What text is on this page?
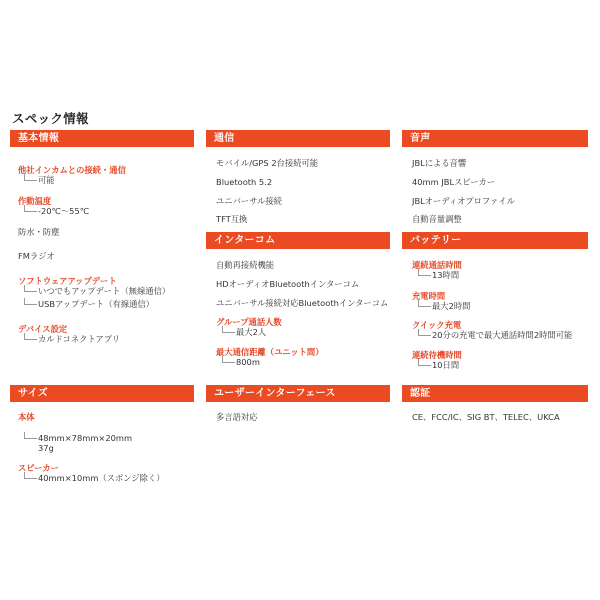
スペック情報
基本情報
他社インカムとの接続・通信
可能
作動温度
-20℃〜55℃
防水・防塵
FMラジオ
ソフトウェアアップデート
いつでもアップデート（無線通信）
USBアップデート（有線通信）
デバイス設定
カルドコネクトアプリ
通信
モバイル/GPS 2台接続可能
Bluetooth 5.2
ユニバーサル接続
TFT互換
音声
JBLによる音響
40mm JBLスピーカー
JBLオーディオプロファイル
自動音量調整
インターコム
自動再接続機能
HDオーディオBluetoothインターコム
ユニバーサル接続対応Bluetoothインターコム
グループ通話人数
最大2人
最大通信距離（ユニット間）
800m
バッテリー
連続通話時間
13時間
充電時間
最大2時間
クイック充電
20分の充電で最大通話時間2時間可能
連続待機時間
10日間
サイズ
本体
48mm×78mm×20mm
37g
スピーカー
40mm×10mm（スポンジ除く）
ユーザーインターフェース
多言語対応
認証
CE、FCC/IC、SIG BT、TELEC、UKCA
